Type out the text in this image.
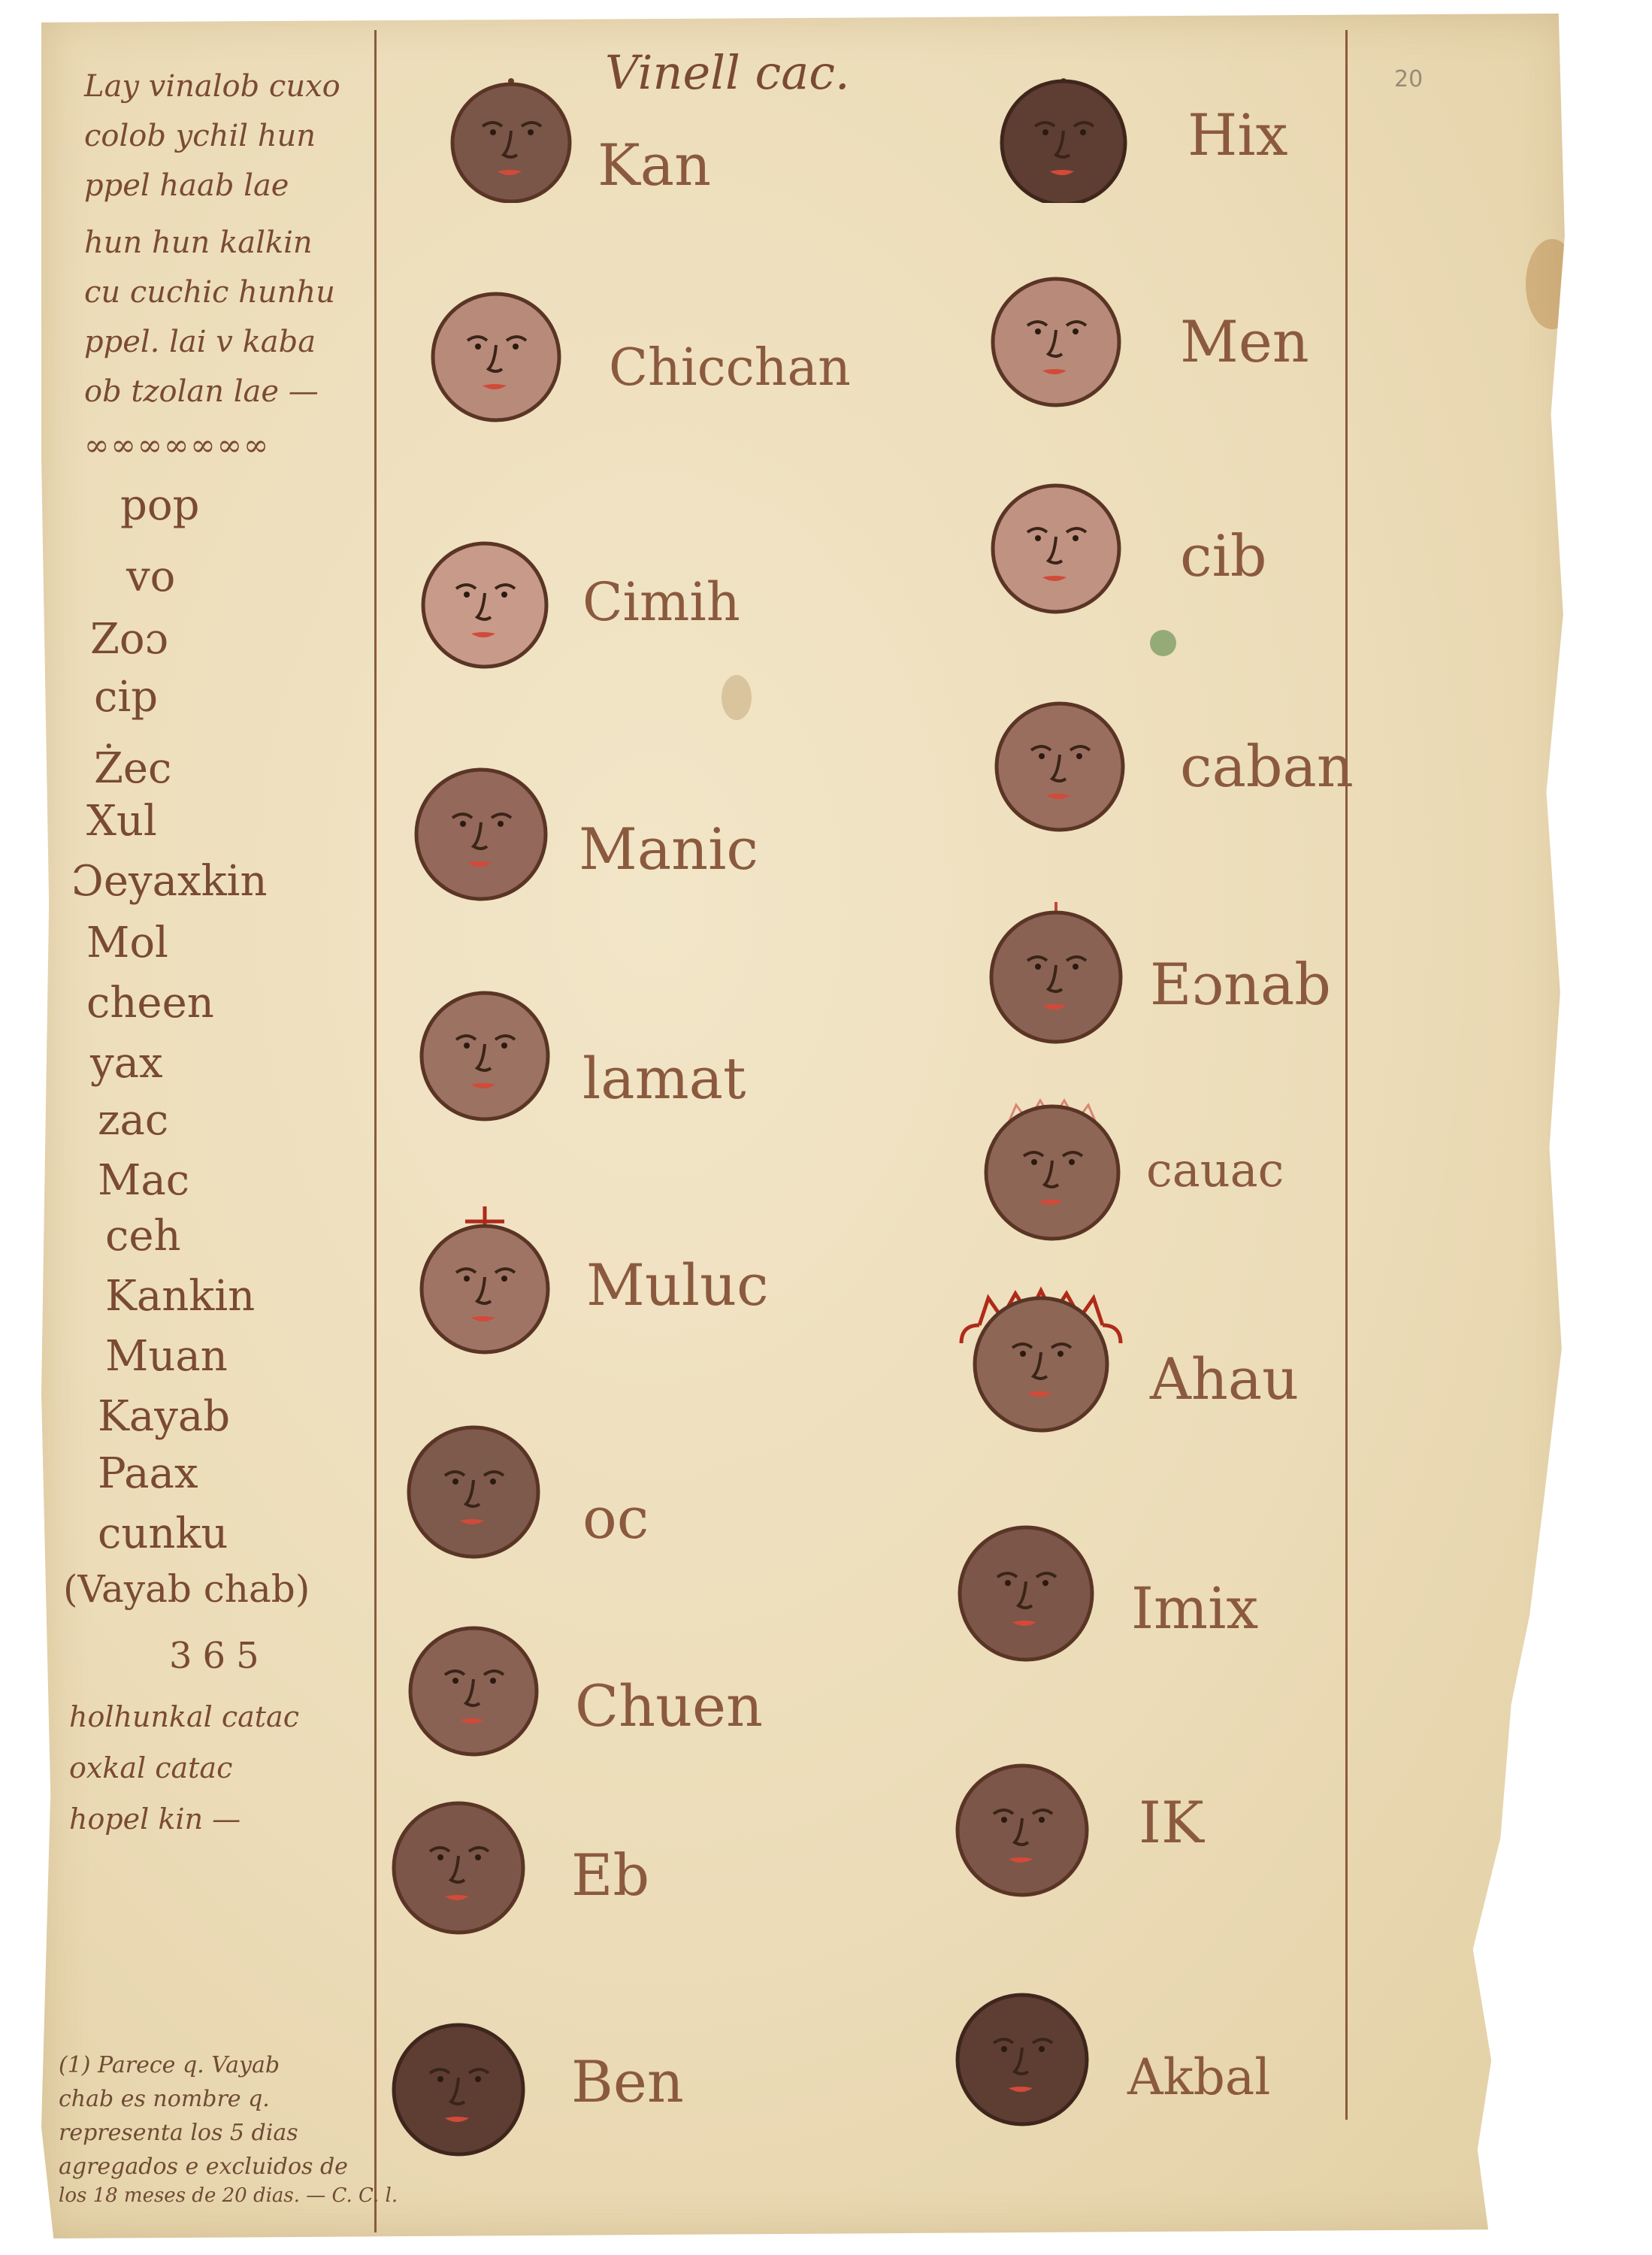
20

Vinell cac.

Lay vinalob cuxo

colob ychil hun

ppel haab lae

hun hun kalkin

cu cuchic hunhu

ppel. lai v kaba

ob tzolan lae —

∞∞∞∞∞∞∞

pop

vo

Zoɔ

cip

Żec

Xul

Ɔeyaxkin

Mol

cheen

yax

zac

Mac

ceh

Kankin

Muan

Kayab

Paax

cunku

(Vayab chab)

365

holhunkal catac

oxkal catac

hopel kin —

(1) Parece q. Vayab

chab es nombre q.

representa los 5 dias

agregados e excluidos de

los 18 meses de 20 dias. — C. C. l.

Kan

Chicchan

Cimih

Manic

lamat

Muluc

oc

Chuen

Eb

Ben

Hix

Men

cib

caban

Eɔnab

cauac

Ahau

Imix

IK

Akbal
